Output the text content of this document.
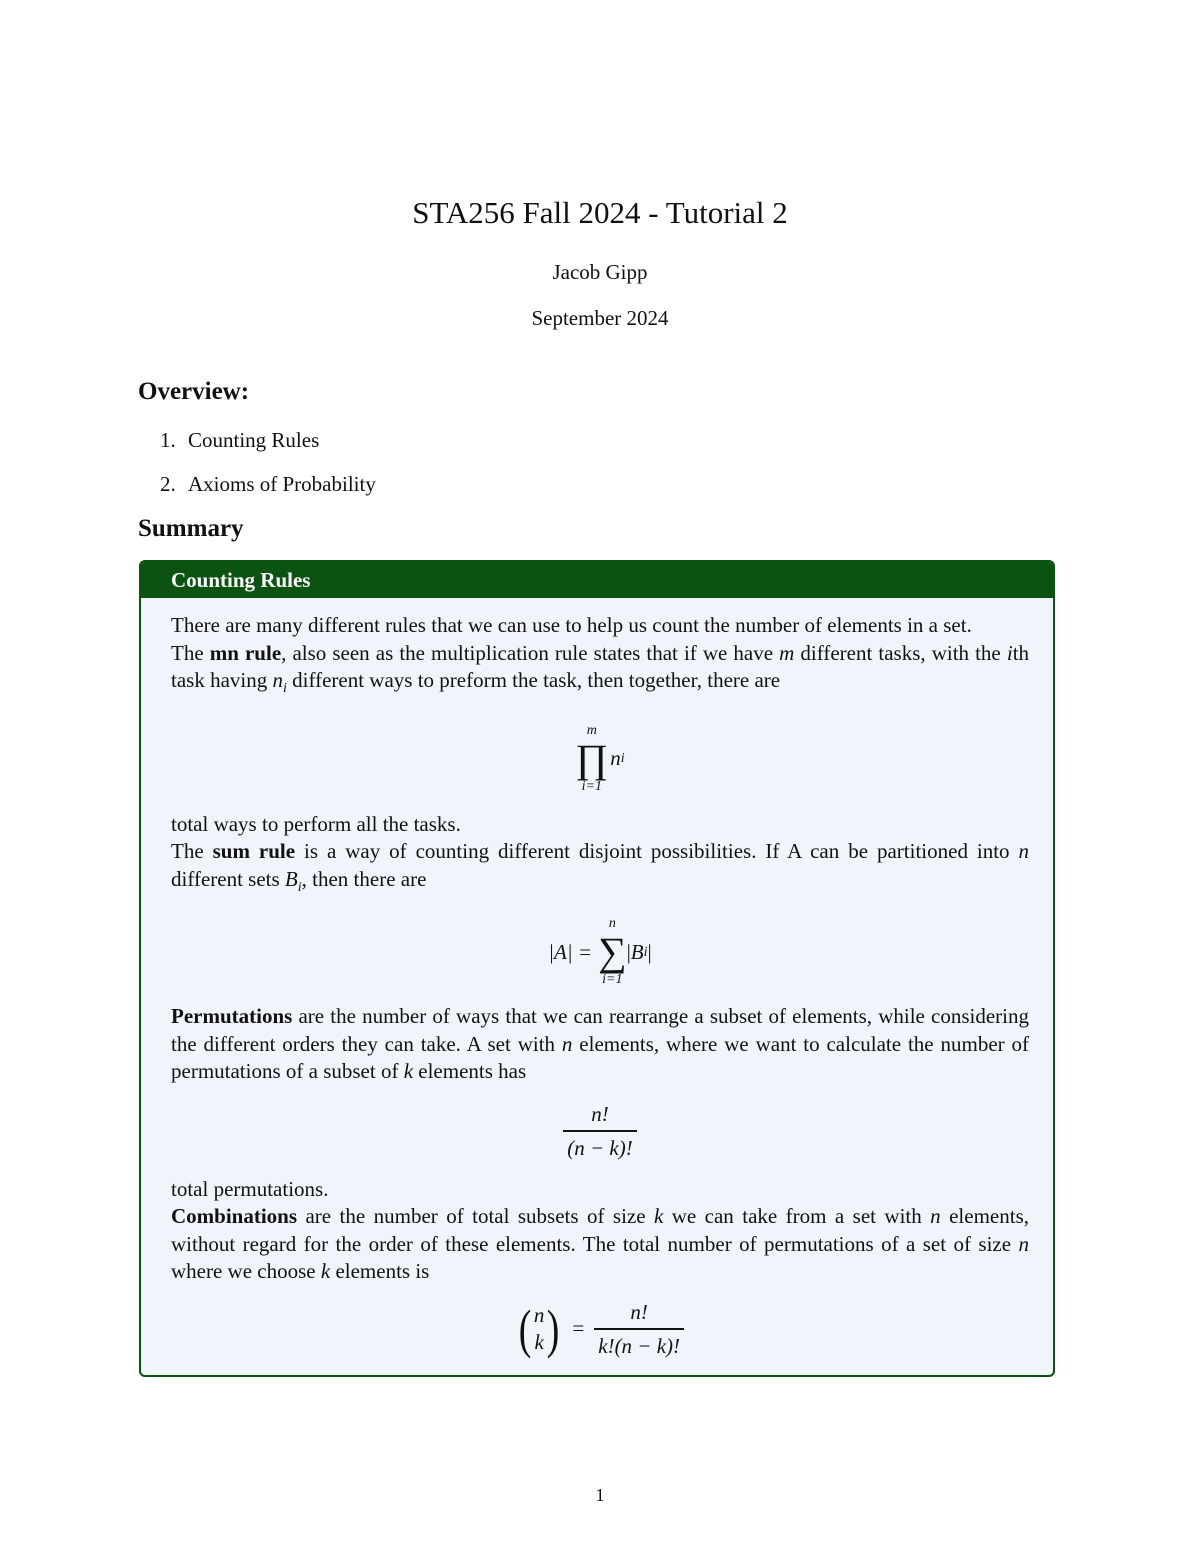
STA256 Fall 2024 - Tutorial 2
Jacob Gipp
September 2024
Overview:
1. Counting Rules
2. Axioms of Probability
Summary
Counting Rules

There are many different rules that we can use to help us count the number of elements in a set.

The mn rule, also seen as the multiplication rule states that if we have m different tasks, with the ith task having $n_i$ different ways to preform the task, then together, there are

m
∏
i=1
n i

total ways to perform all the tasks.

The sum rule is a way of counting different disjoint possibilities. If A can be partitioned into n different sets $B_i$, then there are

|A| =
n
∑
i=1
| B i |

Permutations are the number of ways that we can rearrange a subset of elements, while considering the different orders they can take. A set with n elements, where we want to calculate the number of permutations of a subset of k elements has

$\frac{n!}{(n - k)!}$

total permutations.

Combinations are the number of total subsets of size k we can take from a set with n elements, without regard for the order of these elements. The total number of permutations of a set of size n where we choose k elements is

( n
k ) = $\frac{n!}{k!(n - k)!}$
1
